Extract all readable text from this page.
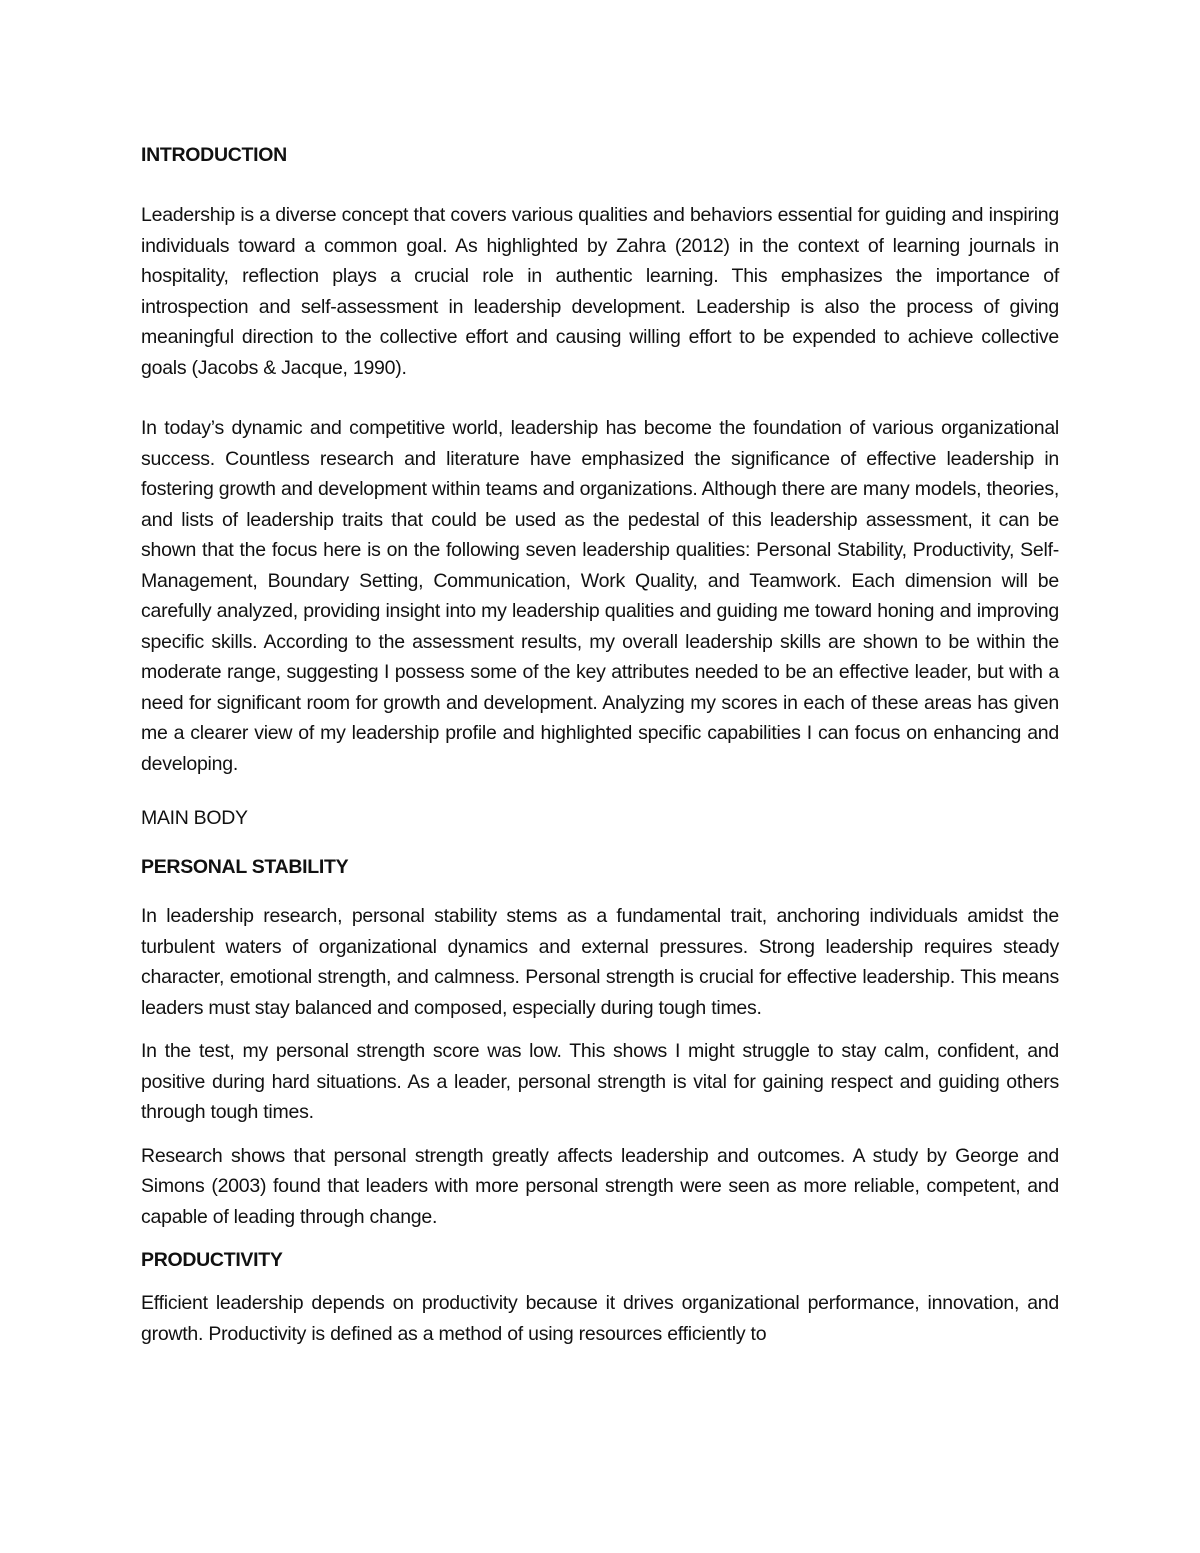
INTRODUCTION

Leadership is a diverse concept that covers various qualities and behaviors essential for guiding and inspiring individuals toward a common goal. As highlighted by Zahra (2012) in the context of learning journals in hospitality, reflection plays a crucial role in authentic learning. This emphasizes the importance of introspection and self-assessment in leadership development. Leadership is also the process of giving meaningful direction to the collective effort and causing willing effort to be expended to achieve collective goals (Jacobs & Jacque, 1990).

In today’s dynamic and competitive world, leadership has become the foundation of various organizational success. Countless research and literature have emphasized the significance of effective leadership in fostering growth and development within teams and organizations. Although there are many models, theories, and lists of leadership traits that could be used as the pedestal of this leadership assessment, it can be shown that the focus here is on the following seven leadership qualities: Personal Stability, Productivity, Self-Management, Boundary Setting, Communication, Work Quality, and Teamwork. Each dimension will be carefully analyzed, providing insight into my leadership qualities and guiding me toward honing and improving specific skills. According to the assessment results, my overall leadership skills are shown to be within the moderate range, suggesting I possess some of the key attributes needed to be an effective leader, but with a need for significant room for growth and development. Analyzing my scores in each of these areas has given me a clearer view of my leadership profile and highlighted specific capabilities I can focus on enhancing and developing.

MAIN BODY
PERSONAL STABILITY

In leadership research, personal stability stems as a fundamental trait, anchoring individuals amidst the turbulent waters of organizational dynamics and external pressures. Strong leadership requires steady character, emotional strength, and calmness. Personal strength is crucial for effective leadership. This means leaders must stay balanced and composed, especially during tough times.

In the test, my personal strength score was low. This shows I might struggle to stay calm, confident, and positive during hard situations. As a leader, personal strength is vital for gaining respect and guiding others through tough times.

Research shows that personal strength greatly affects leadership and outcomes. A study by George and Simons (2003) found that leaders with more personal strength were seen as more reliable, competent, and capable of leading through change.

PRODUCTIVITY

Efficient leadership depends on productivity because it drives organizational performance, innovation, and growth. Productivity is defined as a method of using resources efficiently to
